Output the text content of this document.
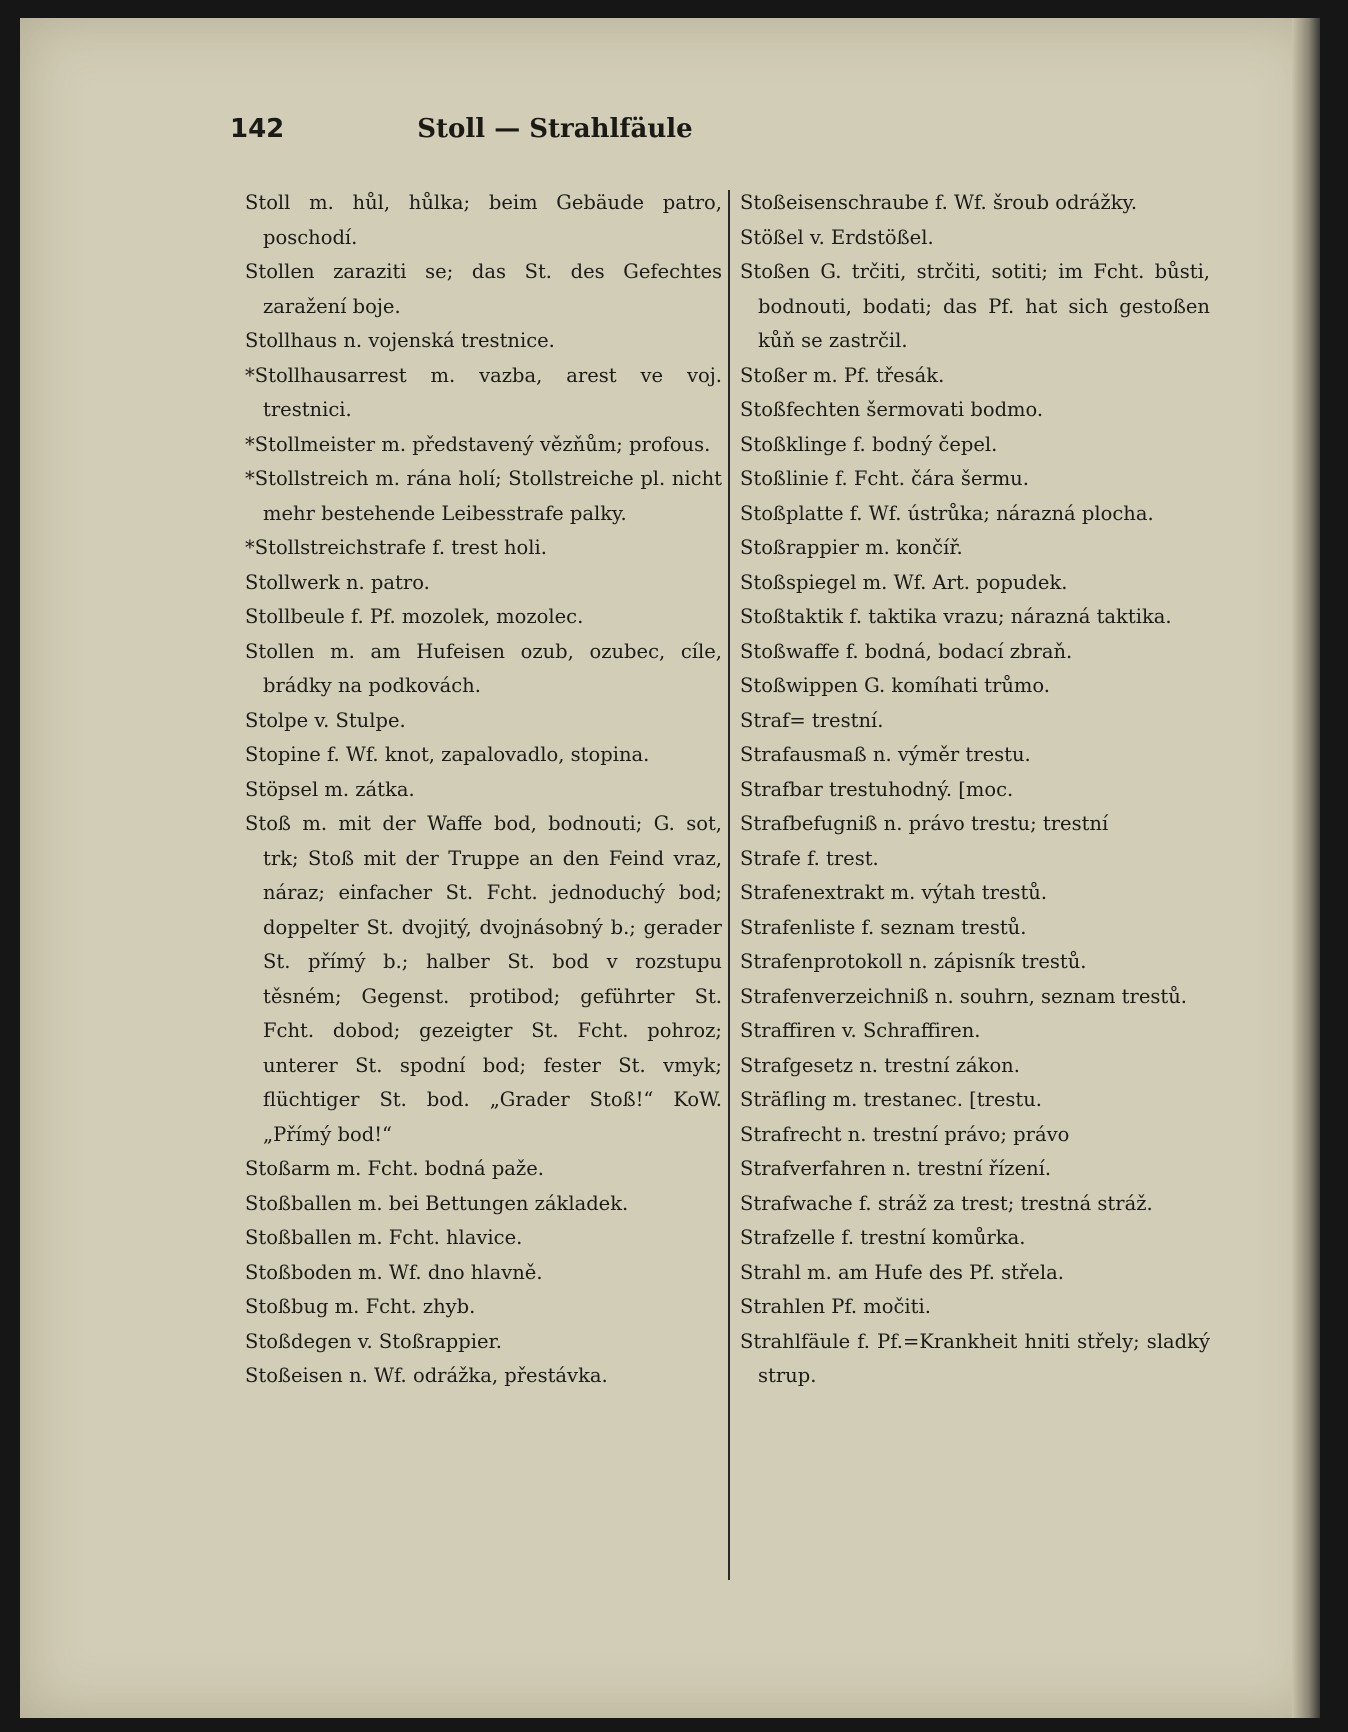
142	Stoll — Strahlfäule

Stoll m. hůl, hůlka; beim Gebäude patro, poschodí.

Stollen zaraziti se; das St. des Gefechtes zaražení boje.

Stollhaus n. vojenská trestnice.

*Stollhausarrest m. vazba, arest ve voj. trestnici.

*Stollmeister m. představený vězňům; profous.

*Stollstreich m. rána holí; Stollstreiche pl. nicht mehr bestehende Leibesstrafe palky.

*Stollstreichstrafe f. trest holi.

Stollwerk n. patro.

Stollbeule f. Pf. mozolek, mozolec.

Stollen m. am Hufeisen ozub, ozubec, cíle, brádky na podkovách.

Stolpe v. Stulpe.

Stopine f. Wf. knot, zapalovadlo, stopina.

Stöpsel m. zátka.

Stoß m. mit der Waffe bod, bodnouti; G. sot, trk; Stoß mit der Truppe an den Feind vraz, náraz; einfacher St. Fcht. jednoduchý bod; doppelter St. dvojitý, dvojnásobný b.; gerader St. přímý b.; halber St. bod v rozstupu těsném; Gegenst. protibod; geführter St. Fcht. dobod; gezeigter St. Fcht. pohroz; unterer St. spodní bod; fester St. vmyk; flüchtiger St. bod. „Grader Stoß!“ KoW. „Přímý bod!“

Stoßarm m. Fcht. bodná paže.

Stoßballen m. bei Bettungen základek.

Stoßballen m. Fcht. hlavice.

Stoßboden m. Wf. dno hlavně.

Stoßbug m. Fcht. zhyb.

Stoßdegen v. Stoßrappier.

Stoßeisen n. Wf. odrážka, přestávka.

Stoßeisenschraube f. Wf. šroub odrážky.

Stößel v. Erdstößel.

Stoßen G. trčiti, strčiti, sotiti; im Fcht. bůsti, bodnouti, bodati; das Pf. hat sich gestoßen kůň se zastrčil.

Stoßer m. Pf. třesák.

Stoßfechten šermovati bodmo.

Stoßklinge f. bodný čepel.

Stoßlinie f. Fcht. čára šermu.

Stoßplatte f. Wf. ústrůka; nárazná plocha.

Stoßrappier m. končíř.

Stoßspiegel m. Wf. Art. popudek.

Stoßtaktik f. taktika vrazu; nárazná taktika.

Stoßwaffe f. bodná, bodací zbraň.

Stoßwippen G. komíhati trůmo.

Straf= trestní.

Strafausmaß n. výměr trestu.

Strafbar trestuhodný. [moc.

Strafbefugniß n. právo trestu; trestní

Strafe f. trest.

Strafenextrakt m. výtah trestů.

Strafenliste f. seznam trestů.

Strafenprotokoll n. zápisník trestů.

Strafenverzeichniß n. souhrn, seznam trestů.

Straffiren v. Schraffiren.

Strafgesetz n. trestní zákon.

Sträfling m. trestanec. [trestu.

Strafrecht n. trestní právo; právo

Strafverfahren n. trestní řízení.

Strafwache f. stráž za trest; trestná stráž.

Strafzelle f. trestní komůrka.

Strahl m. am Hufe des Pf. střela.

Strahlen Pf. močiti.

Strahlfäule f. Pf.=Krankheit hniti střely; sladký strup.
